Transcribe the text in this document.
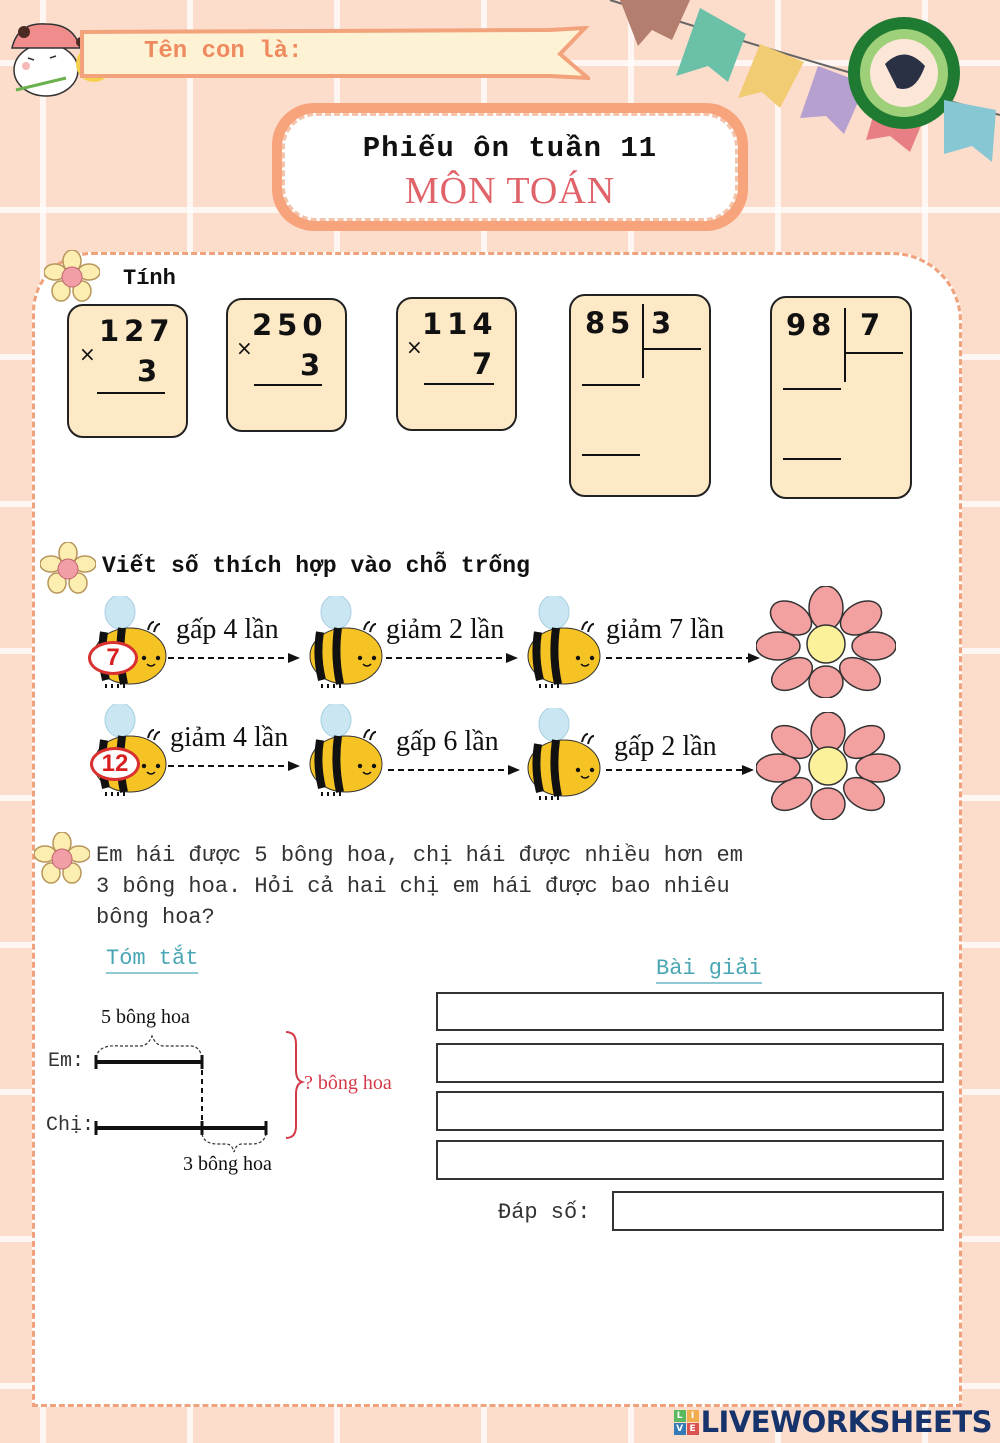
Tên con là:
Phiếu ôn tuần 11
MÔN TOÁN
Tính
127
× 3
250
× 3
114
× 7
85 3	98 7
Viết số thích hợp vào chỗ trống
7
gấp 4 lần	giảm 2 lần	giảm 7 lần
12
giảm 4 lần	gấp 6 lần	gấp 2 lần
Em hái được 5 bông hoa, chị hái được nhiều hơn em
3 bông hoa. Hỏi cả hai chị em hái được bao nhiêu
bông hoa?
Tóm tắt	Bài giải
5 bông hoa
Em:
Chị:
? bông hoa
3 bông hoa
Đáp số:
L I
V E LIVEWORKSHEETS
